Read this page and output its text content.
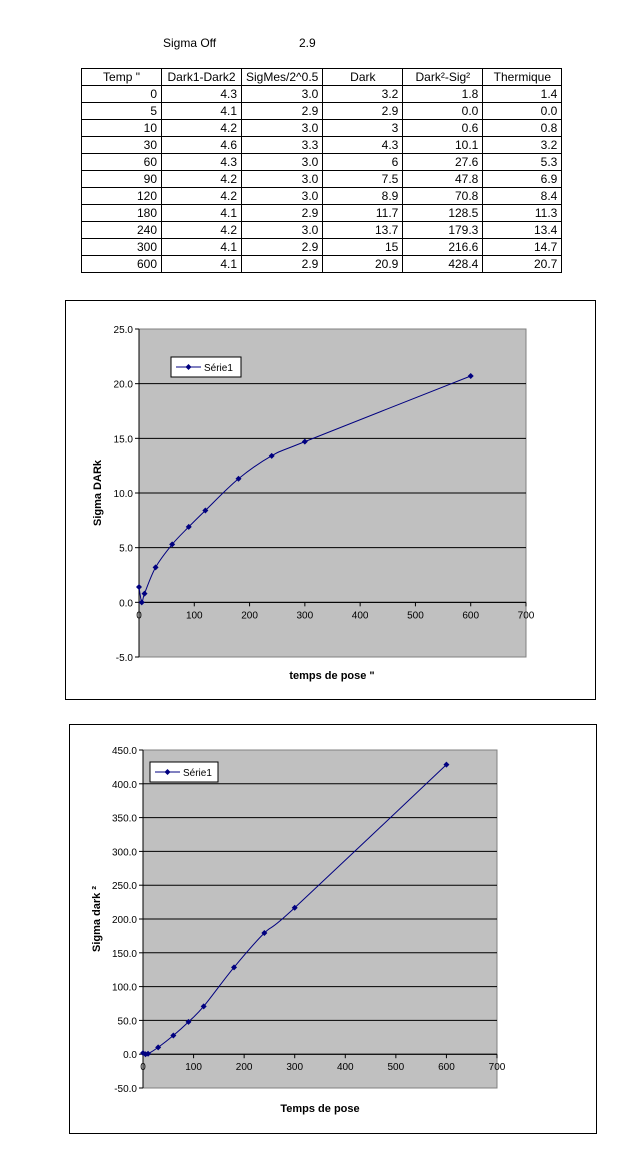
Sigma Off	2.9
Temp "	Dark1-Dark2	SigMes/2^0.5	Dark	Dark²-Sig²	Thermique
0	4.3	3.0	3.2	1.8	1.4
5	4.1	2.9	2.9	0.0	0.0
10	4.2	3.0	3	0.6	0.8
30	4.6	3.3	4.3	10.1	3.2
60	4.3	3.0	6	27.6	5.3
90	4.2	3.0	7.5	47.8	6.9
120	4.2	3.0	8.9	70.8	8.4
180	4.1	2.9	11.7	128.5	11.3
240	4.2	3.0	13.7	179.3	13.4
300	4.1	2.9	15	216.6	14.7
600	4.1	2.9	20.9	428.4	20.7
-5.0
0.0
5.0
10.0
15.0
20.0
25.0
0	100	200	300	400	500	600	700
Série1
temps de pose "
Sigma DARk
-50.0
0.0
50.0
100.0
150.0
200.0
250.0
300.0
350.0
400.0
450.0
0	100	200	300	400	500	600	700
Série1
Temps de pose
Sigma dark ²
